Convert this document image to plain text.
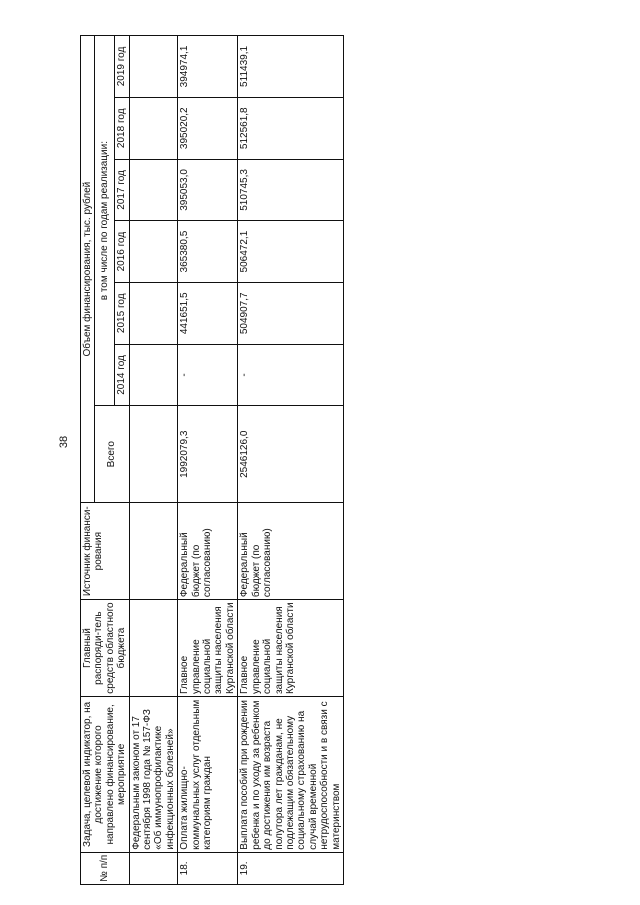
38
№ п/п	Задача, целевой индикатор, на достижение которого направлено финансирование, мероприятие	Главный распоряди-тель средств областного бюджета	Источник финанси-рования	Объем финансирования, тыс. рублей						
				Всего	в том числе по годам реализации:					
					2014 год	2015 год	2016 год	2017 год	2018 год	2019 год
	Федеральным законом от 17 сентября 1998 года № 157-ФЗ «Об иммунопрофилактике инфекционных болезней»									
18.	Оплата жилищно-коммунальных услуг отдельным категориям граждан	Главное управление социальной защиты населения Курганской области	Федеральный бюджет (по согласованию)	1992079,3	-	441651,5	365380,5	395053,0	395020,2	394974,1
19.	Выплата пособий при рождении ребенка и по уходу за ребенком до достижения им возраста полутора лет гражданам, не подлежащим обязательному социальному страхованию на случай временной нетрудоспособности и в связи с материнством	Главное управление социальной защиты населения Курганской области	Федеральный бюджет (по согласованию)	2546126,0	-	504907,7	506472,1	510745,3	512561,8	511439,1
